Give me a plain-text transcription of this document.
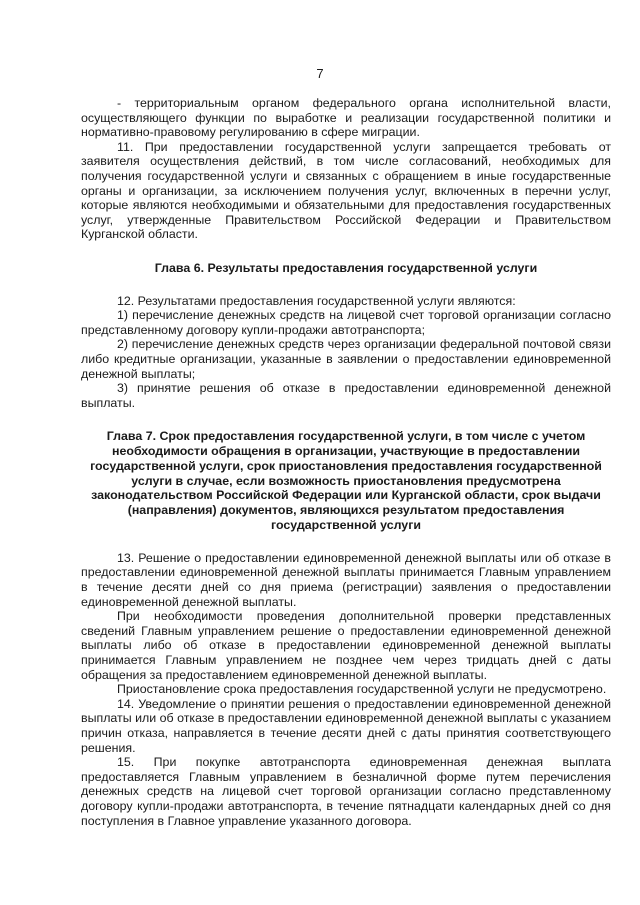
7

- территориальным органом федерального органа исполнительной власти, осуществляющего функции по выработке и реализации государственной политики и нормативно-правовому регулированию в сфере миграции.

11. При предоставлении государственной услуги запрещается требовать от заявителя осуществления действий, в том числе согласований, необходимых для получения государственной услуги и связанных с обращением в иные государственные органы и организации, за исключением получения услуг, включенных в перечни услуг, которые являются необходимыми и обязательными для предоставления государственных услуг, утвержденные Правительством Российской Федерации и Правительством Курганской области.

Глава 6. Результаты предоставления государственной услуги

12. Результатами предоставления государственной услуги являются:

1) перечисление денежных средств на лицевой счет торговой организации согласно представленному договору купли-продажи автотранспорта;

2) перечисление денежных средств через организации федеральной почтовой связи либо кредитные организации, указанные в заявлении о предоставлении единовременной денежной выплаты;

3) принятие решения об отказе в предоставлении единовременной денежной выплаты.

Глава 7. Срок предоставления государственной услуги, в том числе с учетом необходимости обращения в организации, участвующие в предоставлении государственной услуги, срок приостановления предоставления государственной услуги в случае, если возможность приостановления предусмотрена законодательством Российской Федерации или Курганской области, срок выдачи (направления) документов, являющихся результатом предоставления государственной услуги

13. Решение о предоставлении единовременной денежной выплаты или об отказе в предоставлении единовременной денежной выплаты принимается Главным управлением в течение десяти дней со дня приема (регистрации) заявления о предоставлении единовременной денежной выплаты.

При необходимости проведения дополнительной проверки представленных сведений Главным управлением решение о предоставлении единовременной денежной выплаты либо об отказе в предоставлении единовременной денежной выплаты принимается Главным управлением не позднее чем через тридцать дней с даты обращения за предоставлением единовременной денежной выплаты.

Приостановление срока предоставления государственной услуги не предусмотрено.

14. Уведомление о принятии решения о предоставлении единовременной денежной выплаты или об отказе в предоставлении единовременной денежной выплаты с указанием причин отказа, направляется в течение десяти дней с даты принятия соответствующего решения.

15. При покупке автотранспорта единовременная денежная выплата предоставляется Главным управлением в безналичной форме путем перечисления денежных средств на лицевой счет торговой организации согласно представленному договору купли-продажи автотранспорта, в течение пятнадцати календарных дней со дня поступления в Главное управление указанного договора.
